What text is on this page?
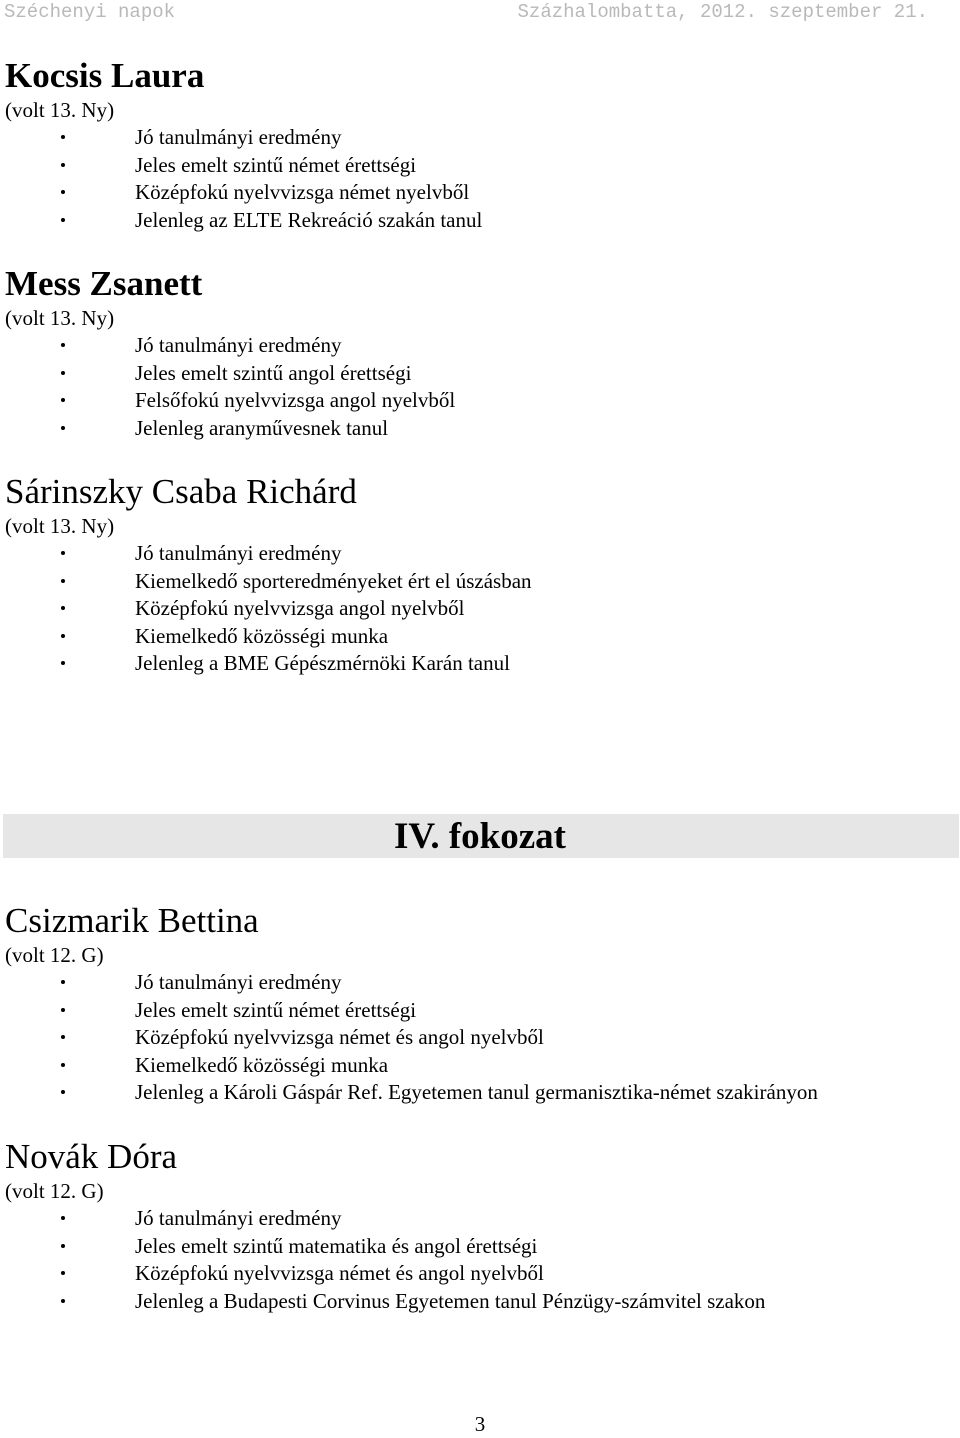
Széchenyi napok	Százhalombatta, 2012. szeptember 21.
Kocsis Laura
(volt 13. Ny)
Jó tanulmányi eredmény
Jeles emelt szintű német érettségi
Középfokú nyelvvizsga német nyelvből
Jelenleg az ELTE Rekreáció szakán tanul
Mess Zsanett
(volt 13. Ny)
Jó tanulmányi eredmény
Jeles emelt szintű angol érettségi
Felsőfokú nyelvvizsga angol nyelvből
Jelenleg aranyművesnek tanul
Sárinszky Csaba Richárd
(volt 13. Ny)
Jó tanulmányi eredmény
Kiemelkedő sporteredményeket ért el úszásban
Középfokú nyelvvizsga angol nyelvből
Kiemelkedő közösségi munka
Jelenleg a BME Gépészmérnöki Karán tanul
IV. fokozat
Csizmarik Bettina
(volt 12. G)
Jó tanulmányi eredmény
Jeles emelt szintű német érettségi
Középfokú nyelvvizsga német és angol nyelvből
Kiemelkedő közösségi munka
Jelenleg a Károli Gáspár Ref. Egyetemen tanul germanisztika-német szakirányon
Novák Dóra
(volt 12. G)
Jó tanulmányi eredmény
Jeles emelt szintű matematika és angol érettségi
Középfokú nyelvvizsga német és angol nyelvből
Jelenleg a Budapesti Corvinus Egyetemen tanul Pénzügy-számvitel szakon
3
